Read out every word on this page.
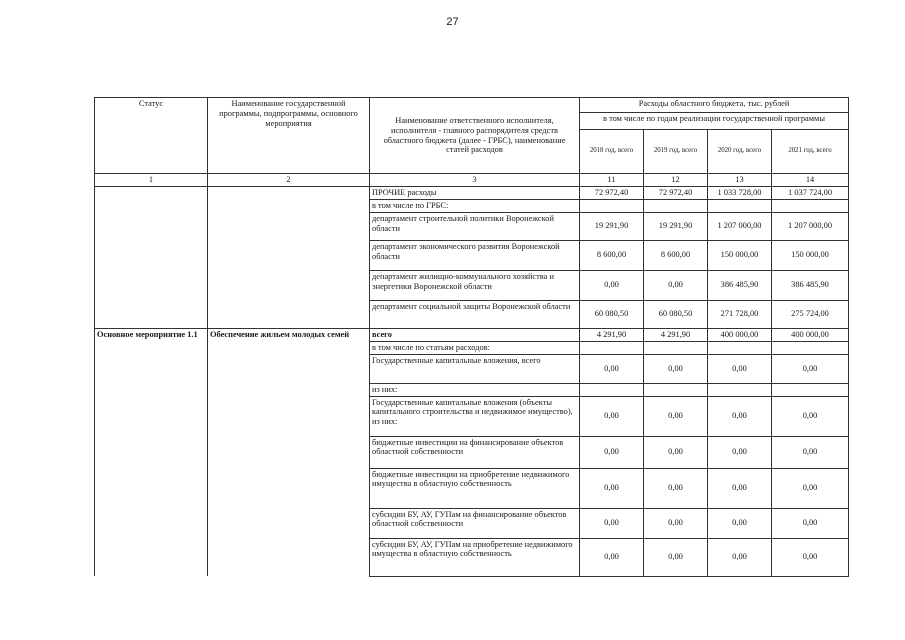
27
Статус	Наименование государственной программы, подпрограммы, основного мероприятия	Наименование ответственного исполнителя, исполнителя - главного распорядителя средств областного бюджета (далее - ГРБС), наименование статей расходов	Расходы областного бюджета, тыс. рублей			
			в том числе по годам реализации государственной программы			
			2018 год, всего	2019 год, всего	2020 год, всего	2021 год, всего
1	2	3	11	12	13	14
		ПРОЧИЕ расходы	72 972,40	72 972,40	1 033 728,00	1 037 724,00
		в том числе по ГРБС:				
		департамент строительной политики Воронежской области	19 291,90	19 291,90	1 207 000,00	1 207 000,00
		департамент экономического развития Воронежской области	8 600,00	8 600,00	150 000,00	150 000,00
		департамент жилищно-коммунального хозяйства и энергетики Воронежской области	0,00	0,00	386 485,90	386 485,90
		департамент социальной защиты Воронежской области	60 080,50	60 080,50	271 728,00	275 724,00
Основное мероприятие 1.1	Обеспечение жильем молодых семей	всего	4 291,90	4 291,90	400 000,00	400 000,00
		в том числе по статьям расходов:				
		Государственные капитальные вложения, всего	0,00	0,00	0,00	0,00
		из них:				
		Государственные капитальные вложения (объекты капитального строительства и недвижимое имущество), из них:	0,00	0,00	0,00	0,00
		бюджетные инвестиции на финансирование объектов областной собственности	0,00	0,00	0,00	0,00
		бюджетные инвестиции на приобретение недвижимого имущества в областную собственность	0,00	0,00	0,00	0,00
		субсидии БУ, АУ, ГУПам на финансирование объектов областной собственности	0,00	0,00	0,00	0,00
		субсидии БУ, АУ, ГУПам на приобретение недвижимого имущества в областную собственность	0,00	0,00	0,00	0,00
